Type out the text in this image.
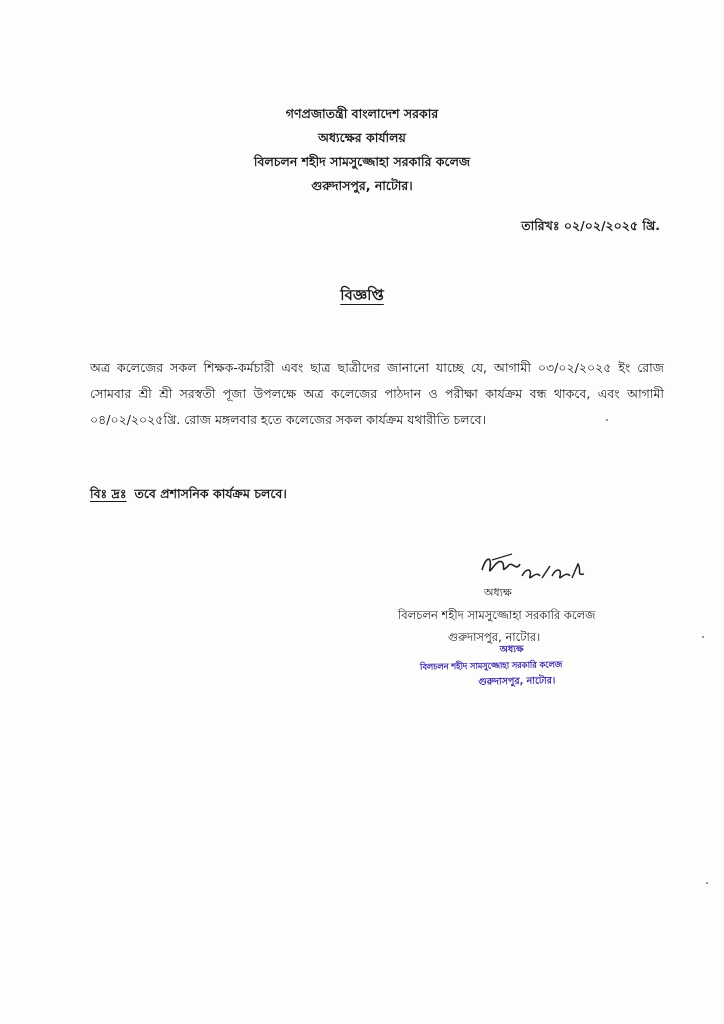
গণপ্রজাতন্ত্রী বাংলাদেশ সরকার
অধ্যক্ষের কার্যালয়
বিলচলন শহীদ সামসুজ্জোহা সরকারি কলেজ
গুরুদাসপুর, নাটোর।
তারিখঃ ০২/০২/২০২৫ খ্রি.
বিজ্ঞপ্তি
অত্র কলেজের সকল শিক্ষক-কর্মচারী এবং ছাত্র ছাত্রীদের জানানো যাচ্ছে যে, আগামী ০৩/০২/২০২৫ ইং রোজ সোমবার শ্রী শ্রী সরস্বতী পূজা উপলক্ষে অত্র কলেজের পাঠদান ও পরীক্ষা কার্যক্রম বন্ধ থাকবে, এবং আগামী ০৪/০২/২০২৫খ্রি. রোজ মঙ্গলবার হতে কলেজের সকল কার্যক্রম যথারীতি চলবে।
বিঃ দ্রঃ তবে প্রশাসনিক কার্যক্রম চলবে।
অধ্যক্ষ
বিলচলন শহীদ সামসুজ্জোহা সরকারি কলেজ
গুরুদাসপুর, নাটোর।
অধ্যক্ষ
বিলচলন শহীদ সামসুজ্জোহা সরকারি কলেজ
গুরুদাসপুর, নাটোর।
